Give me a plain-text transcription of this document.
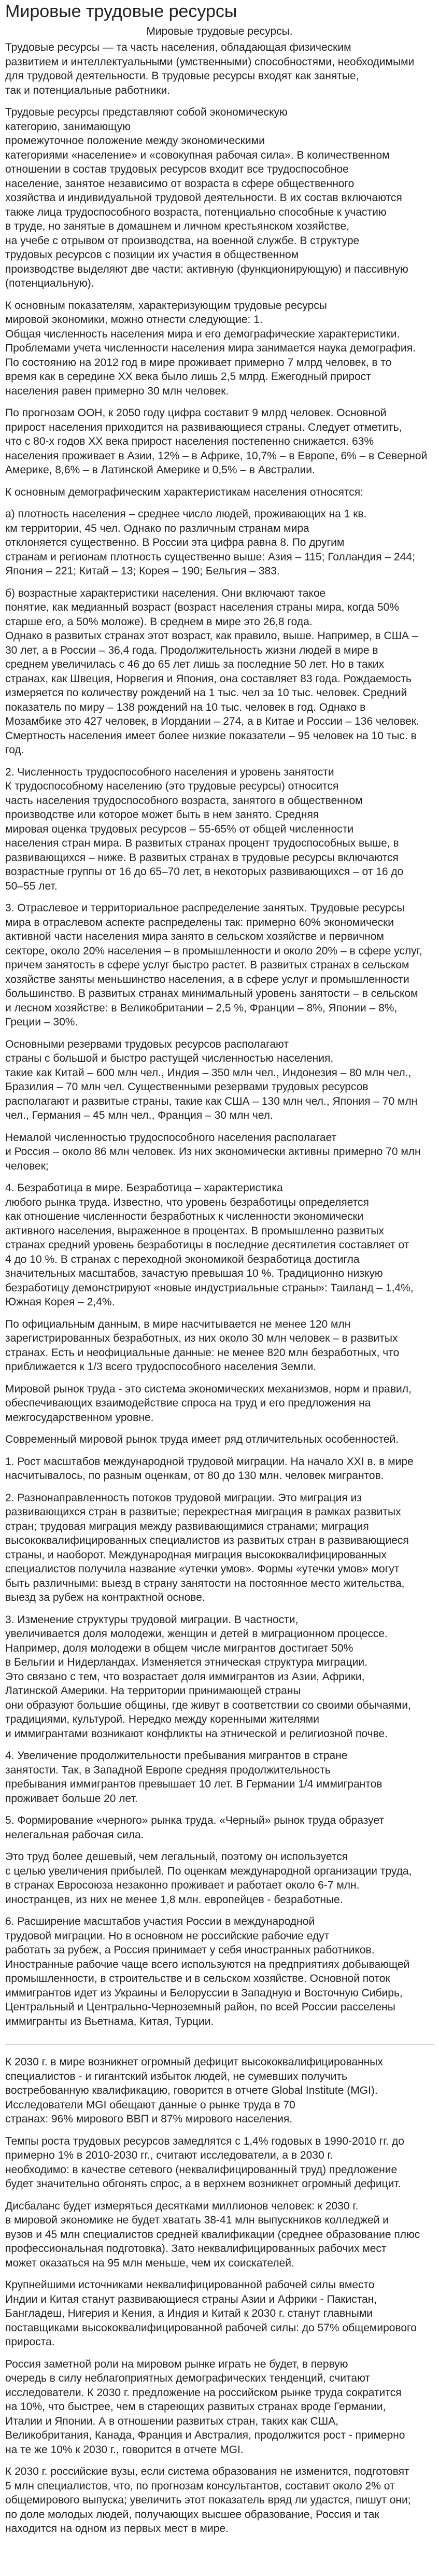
Мировые трудовые ресурсы
Мировые трудовые ресурсы.

Трудовые ресурсы — та часть населения, обладающая физическим
развитием и интеллектуальными (умственными) способностями, необходимыми
для трудовой деятельности. В трудовые ресурсы входят как занятые,
так и потенциальные работники.

Трудовые ресурсы представляют собой экономическую
категорию, занимающую
промежуточное положение между экономическими
категориями «население» и «совокупная рабочая сила». В количественном
отношении в состав трудовых ресурсов входит все трудоспособное
население, занятое независимо от возраста в сфере общественного
хозяйства и индивидуальной трудовой деятельности. В их состав включаются
также лица трудоспособного возраста, потенциально способные к участию
в труде, но занятые в домашнем и личном крестьянском хозяйстве,
на учебе с отрывом от производства, на военной службе. В структуре
трудовых ресурсов с позиции их участия в общественном
производстве выделяют две части: активную (функционирующую) и пассивную
(потенциальную).

К основным показателям, характеризующим трудовые ресурсы
мировой экономики, можно отнести следующие: 1.
Общая численность населения мира и его демографические характеристики.
Проблемами учета численности населения мира занимается наука демография.
По состоянию на 2012 год в мире проживает примерно 7 млрд человек, в то
время как в середине XX века было лишь 2,5 млрд. Ежегодный прирост
населения равен примерно 30 млн человек.

По прогнозам ООН, к 2050 году цифра составит 9 млрд человек. Основной
прирост населения приходится на развивающиеся страны. Следует отметить,
что с 80-х годов XX века прирост населения постепенно снижается. 63%
населения проживает в Азии, 12% – в Африке, 10,7% – в Европе, 6% – в Северной
Америке, 8,6% – в Латинской Америке и 0,5% – в Австралии.

К основным демографическим характеристикам населения относятся:

а) плотность населения – среднее число людей, проживающих на 1 кв.
км территории, 45 чел. Однако по различным странам мира
отклоняется существенно. В России эта цифра равна 8. По другим
странам и регионам плотность существенно выше: Азия – 115; Голландия – 244;
Япония – 221; Китай – 13; Корея – 190; Бельгия – 383.

б) возрастные характеристики населения. Они включают такое
понятие, как медианный возраст (возраст населения страны мира, когда 50%
старше его, а 50% моложе). В среднем в мире это 26,8 года.
Однако в развитых странах этот возраст, как правило, выше. Например, в США –
30 лет, а в России – 36,4 года. Продолжительность жизни людей в мире в
среднем увеличилась с 46 до 65 лет лишь за последние 50 лет. Но в таких
странах, как Швеция, Норвегия и Япония, она составляет 83 года. Рождаемость
измеряется по количеству рождений на 1 тыс. чел за 10 тыс. человек. Средний
показатель по миру – 138 рождений на 10 тыс. человек в год. Однако в
Мозамбике это 427 человек, в Иордании – 274, а в Китае и России – 136 человек.
Смертность населения имеет более низкие показатели – 95 человек на 10 тыс. в
год.

2. Численность трудоспособного населения и уровень занятости
К трудоспособному населению (это трудовые ресурсы) относится
часть населения трудоспособного возраста, занятого в общественном
производстве или которое может быть в нем занято. Средняя
мировая оценка трудовых ресурсов – 55-65% от общей численности
населения стран мира. В развитых странах процент трудоспособных выше, в
развивающихся – ниже. В развитых странах в трудовые ресурсы включаются
возрастные группы от 16 до 65–70 лет, в некоторых развивающихся – от 16 до
50–55 лет.

3. Отраслевое и территориальное распределение занятых. Трудовые ресурсы
мира в отраслевом аспекте распределены так: примерно 60% экономически
активной части населения мира занято в сельском хозяйстве и первичном
секторе, около 20% населения – в промышленности и около 20% – в сфере услуг,
причем занятость в сфере услуг быстро растет. В развитых странах в сельском
хозяйстве заняты меньшинство населения, а в сфере услуг и промышленности
большинство. В развитых странах минимальный уровень занятости – в сельском
и лесном хозяйстве: в Великобритании – 2,5 %, Франции – 8%, Японии – 8%,
Греции – 30%.

Основными резервами трудовых ресурсов располагают
страны с большой и быстро растущей численностью населения,
такие как Китай – 600 млн чел., Индия – 350 млн чел., Индонезия – 80 млн чел.,
Бразилия – 70 млн чел. Существенными резервами трудовых ресурсов
располагают и развитые страны, такие как США – 130 млн чел., Япония – 70 млн
чел., Германия – 45 млн чел., Франция – 30 млн чел.

Немалой численностью трудоспособного населения располагает
и Россия – около 86 млн человек. Из них экономически активны примерно 70 млн
человек;

4. Безработица в мире. Безработица – характеристика
любого рынка труда. Известно, что уровень безработицы определяется
как отношение численности безработных к численности экономически
активного населения, выраженное в процентах. В промышленно развитых
странах средний уровень безработицы в последние десятилетия составляет от
4 до 10 %. В странах с переходной экономикой безработица достигла
значительных масштабов, зачастую превышая 10 %. Традиционно низкую
безработицу демонстрируют «новые индустриальные страны»: Таиланд – 1,4%,
Южная Корея – 2,4%.

По официальным данным, в мире насчитывается не менее 120 млн
зарегистрированных безработных, из них около 30 млн человек – в развитых
странах. Есть и неофициальные данные: не менее 820 млн безработных, что
приближается к 1/3 всего трудоспособного населения Земли.

Мировой рынок труда - это система экономических механизмов, норм и правил,
обеспечивающих взаимодействие спроса на труд и его предложения на
межгосударственном уровне.

Современный мировой рынок труда имеет ряд отличительных особенностей.

1. Рост масштабов международной трудовой миграции. На начало XXI в. в мире
насчитывалось, по разным оценкам, от 80 до 130 млн. человек мигрантов.

2. Разнонаправленность потоков трудовой миграции. Это миграция из
развивающихся стран в развитые; перекрестная миграция в рамках развитых
стран; трудовая миграция между развивающимися странами; миграция
высококвалифицированных специалистов из развитых стран в развивающиеся
страны, и наоборот. Международная миграция высококвалифицированных
специалистов получила название «утечки умов». Формы «утечки умов» могут
быть различными: выезд в страну занятости на постоянное место жительства,
выезд за рубеж на контрактной основе.

3. Изменение структуры трудовой миграции. В частности,
увеличивается доля молодежи, женщин и детей в миграционном процессе.
Например, доля молодежи в общем числе мигрантов достигает 50%
в Бельгии и Нидерландах. Изменяется этническая структура миграции.
Это связано с тем, что возрастает доля иммигрантов из Азии, Африки,
Латинской Америки. На территории принимающей страны
они образуют большие общины, где живут в соответствии со своими обычаями,
традициями, культурой. Нередко между коренными жителями
и иммигрантами возникают конфликты на этнической и религиозной почве.

4. Увеличение продолжительности пребывания мигрантов в стране
занятости. Так, в Западной Европе средняя продолжительность
пребывания иммигрантов превышает 10 лет. В Германии 1/4 иммигрантов
проживает больше 20 лет.

5. Формирование «черного» рынка труда. «Черный» рынок труда образует
нелегальная рабочая сила.

Это труд более дешевый, чем легальный, поэтому он используется
с целью увеличения прибылей. По оценкам международной организации труда,
в странах Евросоюза незаконно проживает и работает около 6-7 млн.
иностранцев, из них не менее 1,8 млн. европейцев - безработные.

6. Расширение масштабов участия России в международной
трудовой миграции. Но в основном не российские рабочие едут
работать за рубеж, а Россия принимает у себя иностранных работников.
Иностранные рабочие чаще всего используются на предприятиях добывающей
промышленности, в строительстве и в сельском хозяйстве. Основной поток
иммигрантов идет из Украины и Белоруссии в Западную и Восточную Сибирь,
Центральный и Центрально-Черноземный район, по всей России расселены
иммигранты из Вьетнама, Китая, Турции.

К 2030 г. в мире возникнет огромный дефицит высококвалифицированных
специалистов - и гигантский избыток людей, не сумевших получить
востребованную квалификацию, говорится в отчете Global Institute (MGI). Исследователи MGI обещают данные о рынке труда в 70
странах: 96% мирового ВВП и 87% мирового населения.

Темпы роста трудовых ресурсов замедлятся с 1,4% годовых в 1990-2010 гг. до
примерно 1% в 2010-2030 гг., считают исследователи, а в 2030 г.
необходимо: в качестве сетевого (неквалифицированный труд) предложение
будет значительно обгонять спрос, а в верхнем возникнет огромный дефицит.

Дисбаланс будет измеряться десятками миллионов человек: к 2030 г.
в мировой экономике не будет хватать 38-41 млн выпускников колледжей и
вузов и 45 млн специалистов средней квалификации (среднее образование плюс
профессиональная подготовка). Зато неквалифицированных рабочих мест
может оказаться на 95 млн меньше, чем их соискателей.

Крупнейшими источниками неквалифицированной рабочей силы вместо
Индии и Китая станут развивающиеся страны Азии и Африки - Пакистан,
Бангладеш, Нигерия и Кения, а Индия и Китай к 2030 г. станут главными
поставщиками высококвалифицированной рабочей силы: до 57% общемирового
прироста.

Россия заметной роли на мировом рынке играть не будет, в первую
очередь в силу неблагоприятных демографических тенденций, считают
исследователи. К 2030 г. предложение на российском рынке труда сократится
на 10%, что быстрее, чем в стареющих развитых странах вроде Германии,
Италии и Японии. А в отношении развитых стран, таких как США,
Великобритания, Канада, Франция и Австралия, продолжится рост - примерно
на те же 10% к 2030 г., говорится в отчете MGI.

К 2030 г. российские вузы, если система образования не изменится, подготовят
5 млн специалистов, что, по прогнозам консультантов, составит около 2% от
общемирового выпуска; увеличить этот показатель вряд ли удастся, пишут они;
по доле молодых людей, получающих высшее образование, Россия и так
находится на одном из первых мест в мире.
